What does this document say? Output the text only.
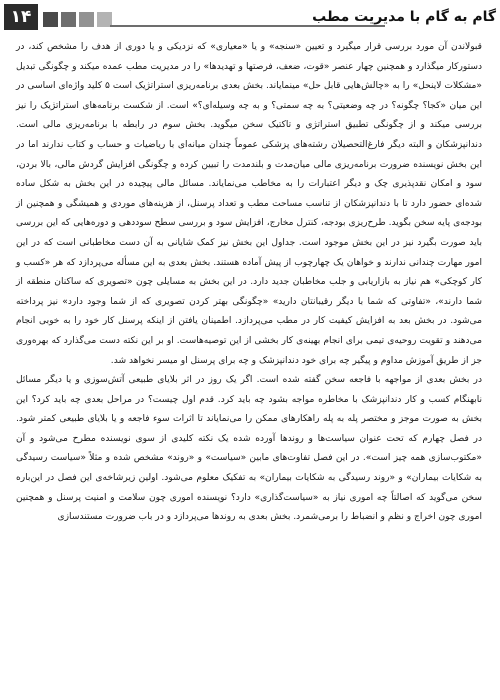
۱۴	گام به گام با مدیریت مطب

قبولاندن آن مورد بررسی قرار میگیرد و تعیین «سنجه» و یا «معیاری» که نزدیکی و یا دوری از هدف را مشخص کند، در دستورکار میگذارد و همچنین چهار عنصر «قوت، ضعف، فرصتها و تهدیدها» را در مدیریت مطب عمده میکند و چگونگی تبدیل «مشکلات لاینحل» را به «چالش‌هایی قابل حل» مینمایاند. بخش بعدی برنامه‌ریزی استراتژیک است ۵ کلید واژه‌ای اساسی در این میان «کجا؟ چگونه؟ در چه وضعیتی؟ به چه سمتی؟ و به چه وسیله‌ای؟» است. از شکست برنامه‌های استراتژیک را نیز بررسی میکند و از چگونگی تطبیق استراتژی و تاکتیک سخن میگوید. بخش سوم در رابطه با برنامه‌ریزی مالی است. دندانپزشکان و البته دیگر فارغ‌التحصیلان رشته‌های پزشکی عموماً چندان میانه‌ای با ریاضیات و حساب و کتاب ندارند اما در این بخش نویسنده ضرورت برنامه‌ریزی مالی میان‌مدت و بلندمدت را تبیین کرده و چگونگی افزایش گردش مالی، بالا بردن، سود و امکان نقدپذیری چک و دیگر اعتبارات را به مخاطب می‌نمایاند. مسائل مالی پیچیده در این بخش به شکل ساده شده‌ای حضور دارد تا با دندانپزشکان از تناسب مساحت مطب و تعداد پرسنل، از هزینه‌های موردی و همیشگی و همچنین از بودجه‌ی پایه سخن بگوید. طرح‌ریزی بودجه، کنترل مخارج، افزایش سود و بررسی سطح سوددهی و دوره‌هایی که این بررسی باید صورت بگیرد نیز در این بخش موجود است. جداول این بخش نیز کمک شایانی به آن دست مخاطبانی است که در این امور مهارت چندانی ندارند و خواهان یک چهارچوب از پیش آماده هستند. بخش بعدی به این مسأله می‌پردازد که هر «کسب و کار کوچکی» هم نیاز به بازاریابی و جلب مخاطبان جدید دارد. در این بخش به مسایلی چون «تصویری که ساکنان منطقه از شما دارند»، «تفاوتی که شما با دیگر رقیبانتان دارید» «چگونگی بهتر کردن تصویری که از شما وجود دارد» نیز پرداخته می‌شود. در بخش بعد به افزایش کیفیت کار در مطب می‌پردازد. اطمینان یافتن از اینکه پرسنل کار خود را به خوبی انجام می‌دهند و تقویت روحیه‌ی تیمی برای انجام بهینه‌ی کار بخشی از این توصیه‌هاست. او بر این نکته دست می‌گذارد که بهره‌وری جز از طریق آموزش مداوم و پیگیر چه برای خود دندانپزشک و چه برای پرسنل او میسر نخواهد شد.

در بخش بعدی از مواجهه با فاجعه سخن گفته شده است. اگر یک روز در اثر بلایای طبیعی آتش‌سوزی و یا دیگر مسائل نابهنگام کسب و کار دندانپزشک با مخاطره مواجه بشود چه باید کرد. قدم اول چیست؟ در مراحل بعدی چه باید کرد؟ این بخش به صورت موجز و مختصر پله به پله راهکارهای ممکن را می‌نمایاند تا اثرات سوء فاجعه و یا بلایای طبیعی کمتر شود. در فصل چهارم که تحت عنوان سیاست‌ها و روندها آورده شده یک نکته کلیدی از سوی نویسنده مطرح می‌شود و آن «مکتوب‌سازی همه چیز است». در این فصل تفاوت‌های مابین «سیاست» و «روند» مشخص شده و مثلاً «سیاست رسیدگی به شکایات بیماران» و «روند رسیدگی به شکایات بیماران» به تفکیک معلوم می‌شود. اولین زیرشاخه‌ی این فصل در این‌باره سخن می‌گوید که اصالتاً چه اموری نیاز به «سیاست‌گذاری» دارد؟ نویسنده اموری چون سلامت و امنیت پرسنل و همچنین اموری چون اخراج و نظم و انضباط را برمی‌شمرد. بخش بعدی به روندها می‌پردازد و در باب ضرورت مستندسازی
